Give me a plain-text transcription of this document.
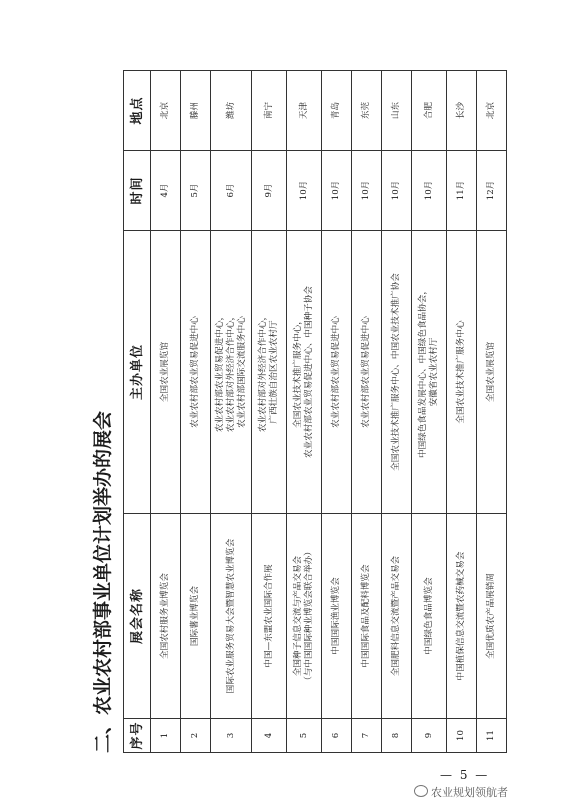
二、农业农村部事业单位计划举办的展会	序号	展会名称	主办单位	时间	地点
1	全国农村服务业博览会	全国农业展览馆	4月	北京
2	国际薯业博览会	农业农村部农业贸易促进中心	5月	滕州
3	国际农业服务贸易大会暨智慧农业博览会	农业农村部农业贸易促进中心， 农业农村部对外经济合作中心， 农业农村部国际交流服务中心	6月	潍坊
4	中国—东盟农业国际合作展	农业农村部对外经济合作中心， 广西壮族自治区农业农村厅	9月	南宁
5	全国种子信息交流与产品交易会 （与中国国际种业博览会联合举办）	全国农业技术推广服务中心， 农业农村部农业贸易促进中心、中国种子协会	10月	天津
6	中国国际渔业博览会	农业农村部农业贸易促进中心	10月	青岛
7	中国国际食品及配料博览会	农业农村部农业贸易促进中心	10月	东莞
8	全国肥料信息交流暨产品交易会	全国农业技术推广服务中心、中国农业技术推广协会	10月	山东
9	中国绿色食品博览会	中国绿色食品发展中心、中国绿色食品协会， 安徽省农业农村厅	10月	合肥
10	中国植保信息交流暨农药械交易会	全国农业技术推广服务中心	11月	长沙
11	全国优质农产品展销周	全国农业展览馆	12月	北京
— 5 —
农业规划领航者
